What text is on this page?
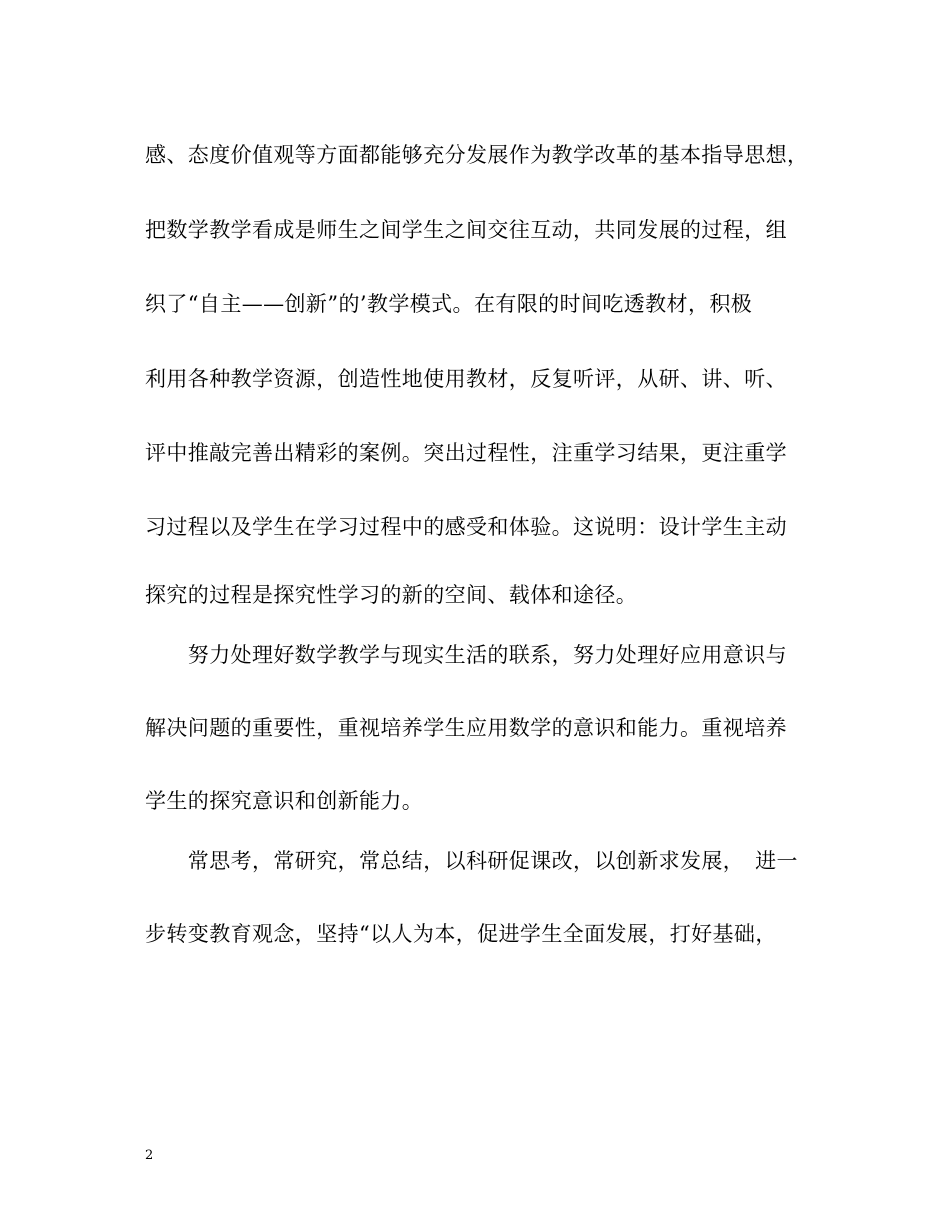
感、态度价值观等方面都能够充分发展作为教学改革的基本指导思想，
把数学教学看成是师生之间学生之间交往互动，共同发展的过程，组
织了“自主——创新”的’教学模式。在有限的时间吃透教材，积极
利用各种教学资源，创造性地使用教材，反复听评，从研、讲、听、
评中推敲完善出精彩的案例。突出过程性，注重学习结果，更注重学
习过程以及学生在学习过程中的感受和体验。这说明：设计学生主动
探究的过程是探究性学习的新的空间、载体和途径。
　　努力处理好数学教学与现实生活的联系，努力处理好应用意识与
解决问题的重要性，重视培养学生应用数学的意识和能力。重视培养
学生的探究意识和创新能力。
　　常思考，常研究，常总结，以科研促课改，以创新求发展，　进一
步转变教育观念，坚持“以人为本，促进学生全面发展，打好基础，
2
